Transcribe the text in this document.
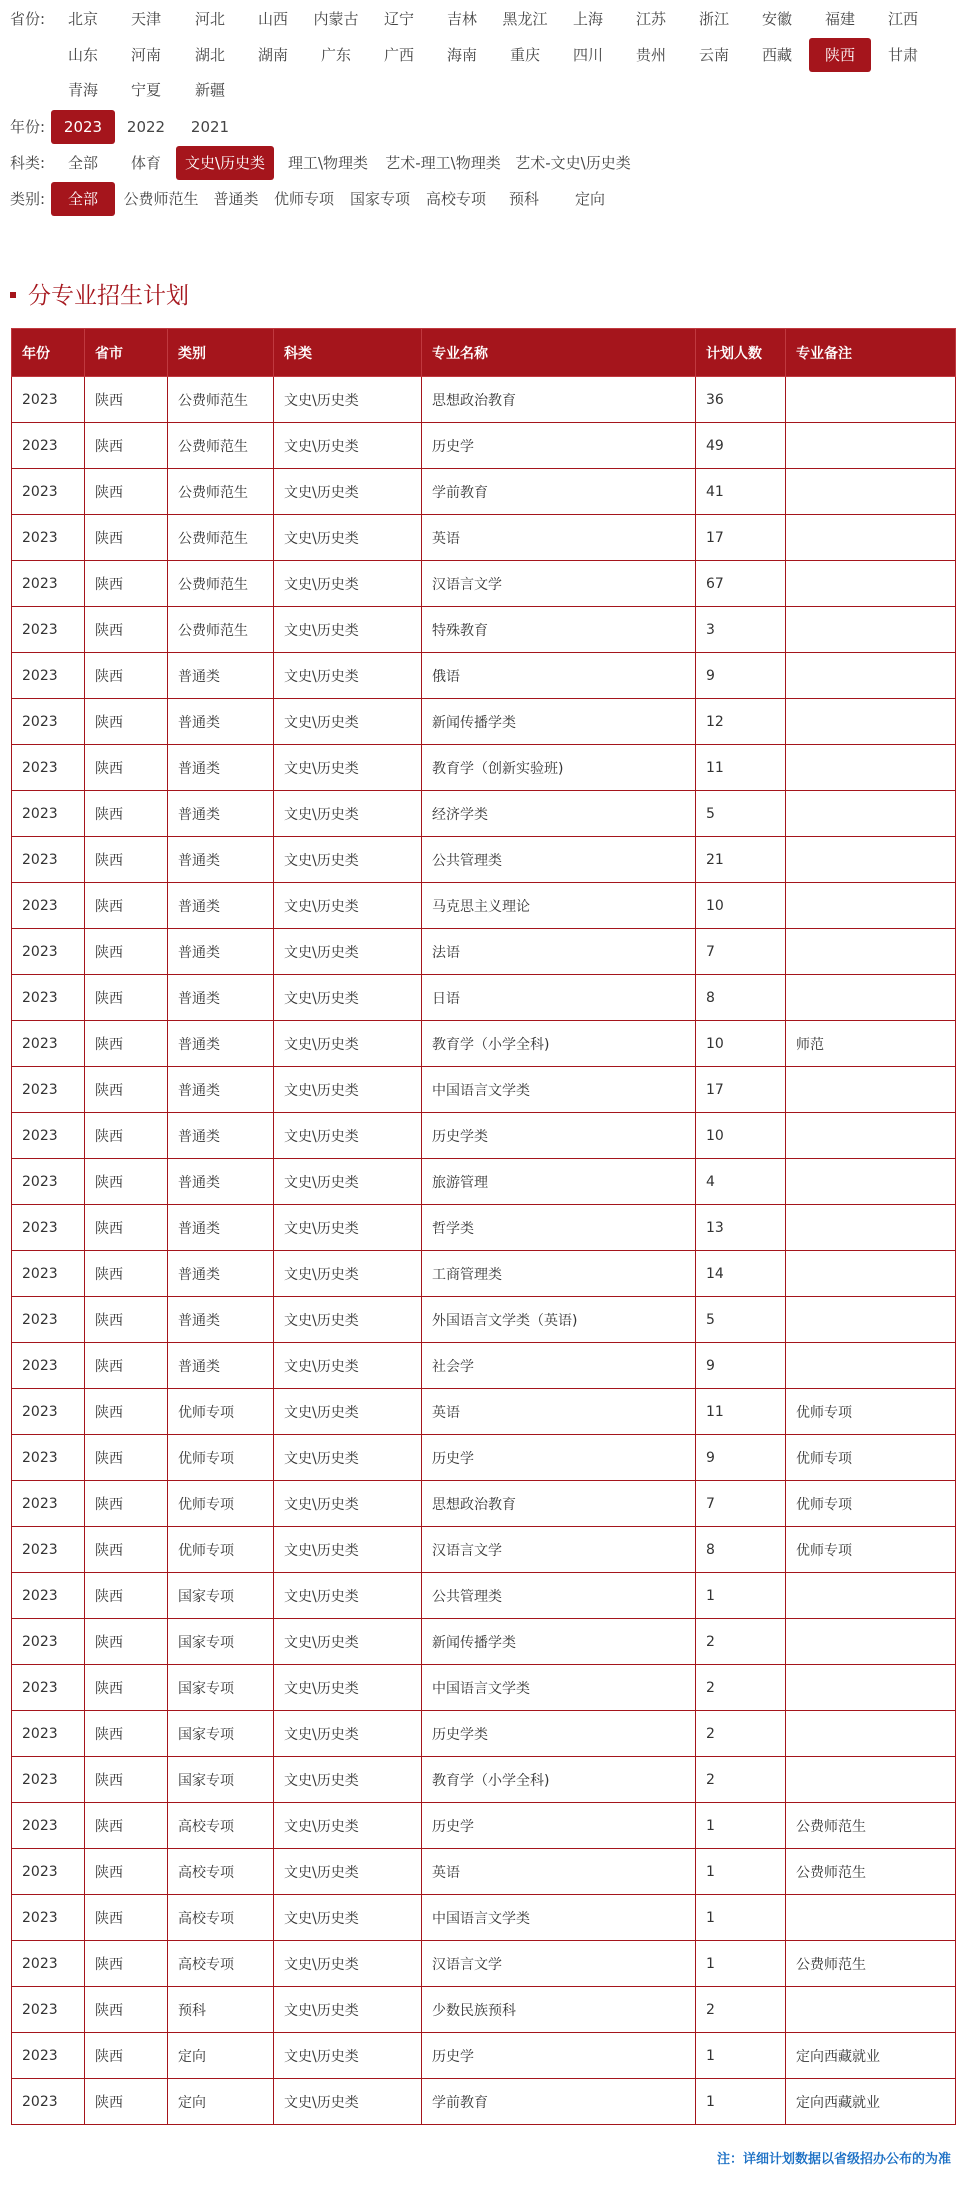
省份:	北京	天津	河北	山西	内蒙古	辽宁	吉林	黑龙江	上海	江苏	浙江	安徽	福建	江西
山东	河南	湖北	湖南	广东	广西	海南	重庆	四川	贵州	云南	西藏	陕西	甘肃
青海	宁夏	新疆
年份:	2023	2022	2021
科类:	全部	体育	文史\历史类	理工\物理类	艺术-理工\物理类 艺术-文史\历史类
类别:	全部	公费师范生 普通类	优师专项	国家专项	高校专项	预科	定向
分专业招生计划
年份	省市	类别	科类	专业名称	计划人数	专业备注
2023	陕西	公费师范生	文史\历史类	思想政治教育	36	
2023	陕西	公费师范生	文史\历史类	历史学	49	
2023	陕西	公费师范生	文史\历史类	学前教育	41	
2023	陕西	公费师范生	文史\历史类	英语	17	
2023	陕西	公费师范生	文史\历史类	汉语言文学	67	
2023	陕西	公费师范生	文史\历史类	特殊教育	3	
2023	陕西	普通类	文史\历史类	俄语	9	
2023	陕西	普通类	文史\历史类	新闻传播学类	12	
2023	陕西	普通类	文史\历史类	教育学（创新实验班)	11	
2023	陕西	普通类	文史\历史类	经济学类	5	
2023	陕西	普通类	文史\历史类	公共管理类	21	
2023	陕西	普通类	文史\历史类	马克思主义理论	10	
2023	陕西	普通类	文史\历史类	法语	7	
2023	陕西	普通类	文史\历史类	日语	8	
2023	陕西	普通类	文史\历史类	教育学（小学全科)	10	师范
2023	陕西	普通类	文史\历史类	中国语言文学类	17	
2023	陕西	普通类	文史\历史类	历史学类	10	
2023	陕西	普通类	文史\历史类	旅游管理	4	
2023	陕西	普通类	文史\历史类	哲学类	13	
2023	陕西	普通类	文史\历史类	工商管理类	14	
2023	陕西	普通类	文史\历史类	外国语言文学类（英语)	5	
2023	陕西	普通类	文史\历史类	社会学	9	
2023	陕西	优师专项	文史\历史类	英语	11	优师专项
2023	陕西	优师专项	文史\历史类	历史学	9	优师专项
2023	陕西	优师专项	文史\历史类	思想政治教育	7	优师专项
2023	陕西	优师专项	文史\历史类	汉语言文学	8	优师专项
2023	陕西	国家专项	文史\历史类	公共管理类	1	
2023	陕西	国家专项	文史\历史类	新闻传播学类	2	
2023	陕西	国家专项	文史\历史类	中国语言文学类	2	
2023	陕西	国家专项	文史\历史类	历史学类	2	
2023	陕西	国家专项	文史\历史类	教育学（小学全科)	2	
2023	陕西	高校专项	文史\历史类	历史学	1	公费师范生
2023	陕西	高校专项	文史\历史类	英语	1	公费师范生
2023	陕西	高校专项	文史\历史类	中国语言文学类	1	
2023	陕西	高校专项	文史\历史类	汉语言文学	1	公费师范生
2023	陕西	预科	文史\历史类	少数民族预科	2	
2023	陕西	定向	文史\历史类	历史学	1	定向西藏就业
2023	陕西	定向	文史\历史类	学前教育	1	定向西藏就业
注：详细计划数据以省级招办公布的为准
